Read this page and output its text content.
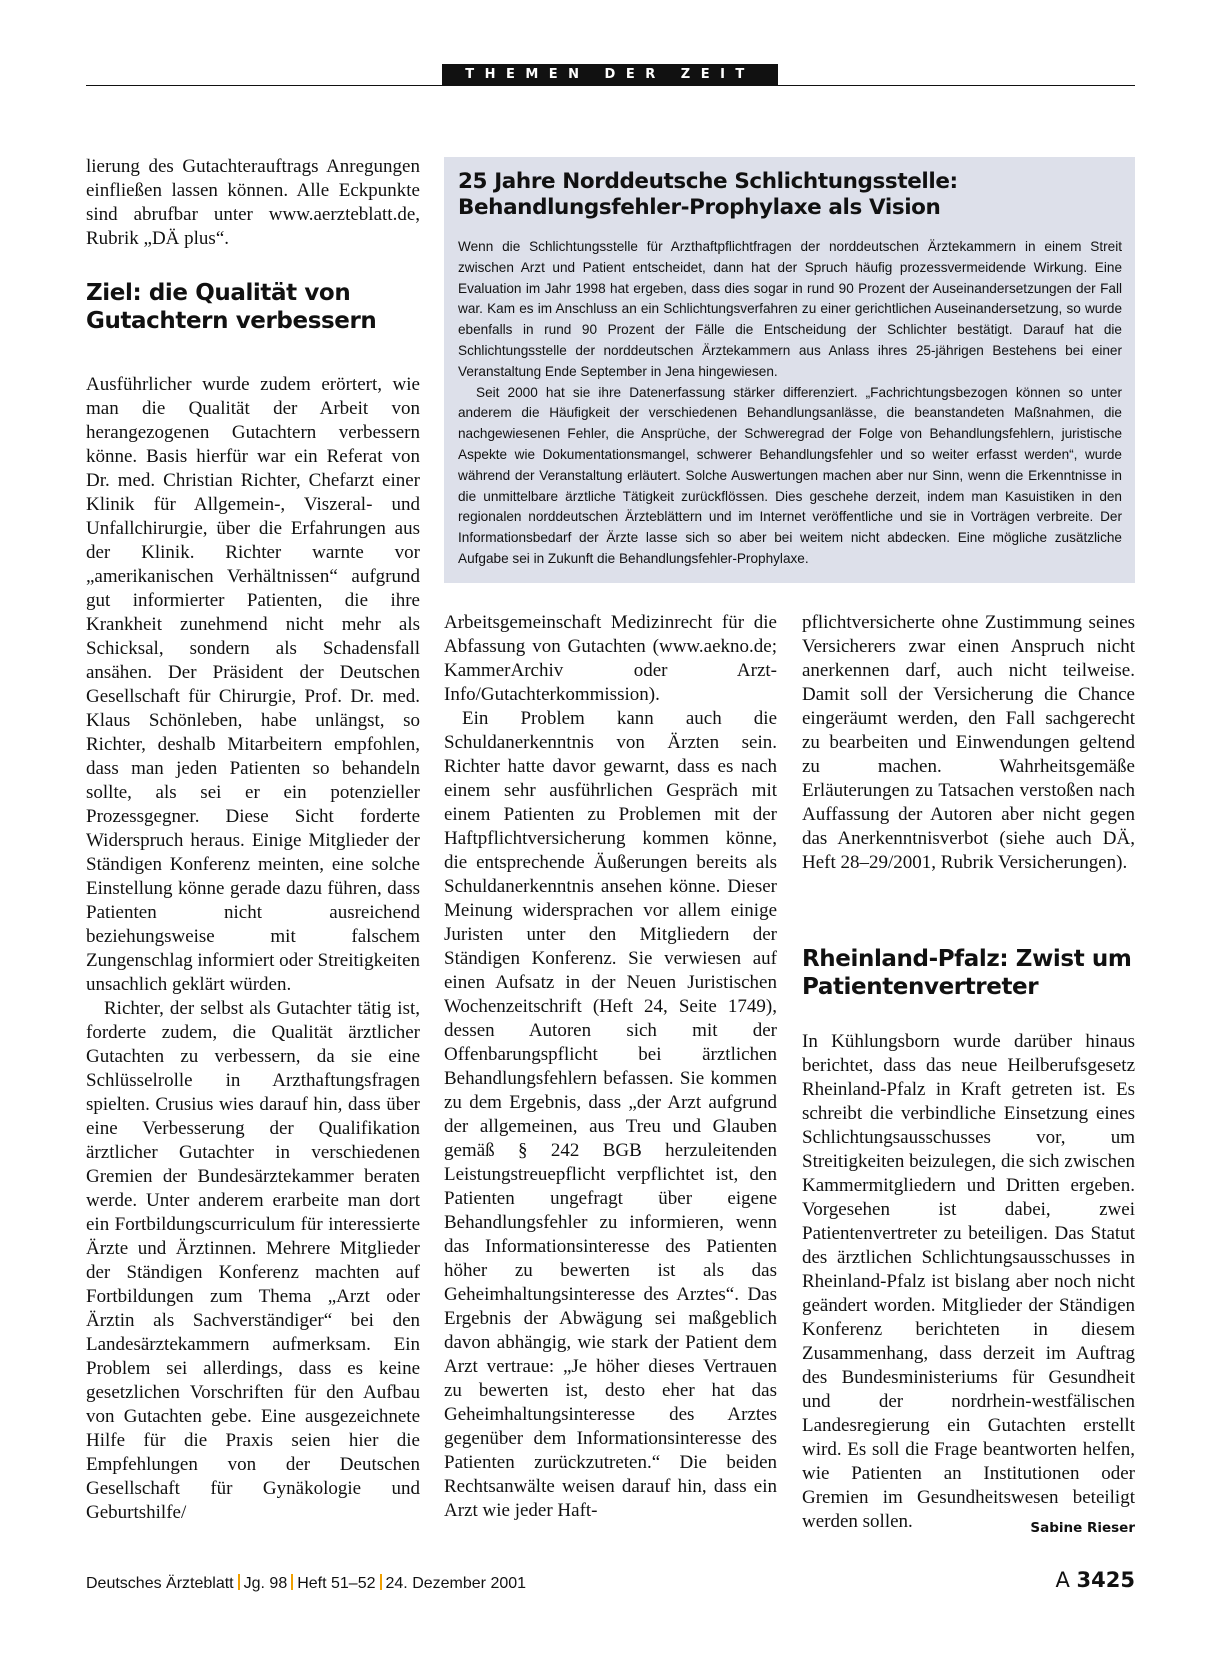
THEMEN DER ZEIT

lierung des Gutachterauftrags Anregungen einfließen lassen können. Alle Eckpunkte sind abrufbar unter www.aerzteblatt.de, Rubrik „DÄ plus“.

Ziel: die Qualität von Gutachtern verbessern

Ausführlicher wurde zudem erörtert, wie man die Qualität der Arbeit von herangezogenen Gutachtern verbessern könne. Basis hierfür war ein Referat von Dr. med. Christian Richter, Chefarzt einer Klinik für Allgemein-, Viszeral- und Unfallchirurgie, über die Erfahrungen aus der Klinik. Richter warnte vor „amerikanischen Verhältnissen“ aufgrund gut informierter Patienten, die ihre Krankheit zunehmend nicht mehr als Schicksal, sondern als Schadensfall ansähen. Der Präsident der Deutschen Gesellschaft für Chirurgie, Prof. Dr. med. Klaus Schönleben, habe unlängst, so Richter, deshalb Mitarbeitern empfohlen, dass man jeden Patienten so behandeln sollte, als sei er ein potenzieller Prozessgegner. Diese Sicht forderte Widerspruch heraus. Einige Mitglieder der Ständigen Konferenz meinten, eine solche Einstellung könne gerade dazu führen, dass Patienten nicht ausreichend beziehungsweise mit falschem Zungenschlag informiert oder Streitigkeiten unsachlich geklärt würden.

Richter, der selbst als Gutachter tätig ist, forderte zudem, die Qualität ärztlicher Gutachten zu verbessern, da sie eine Schlüsselrolle in Arzthaftungsfragen spielten. Crusius wies darauf hin, dass über eine Verbesserung der Qualifikation ärztlicher Gutachter in verschiedenen Gremien der Bundesärztekammer beraten werde. Unter anderem erarbeite man dort ein Fortbildungscurriculum für interessierte Ärzte und Ärztinnen. Mehrere Mitglieder der Ständigen Konferenz machten auf Fortbildungen zum Thema „Arzt oder Ärztin als Sachverständiger“ bei den Landesärztekammern aufmerksam. Ein Problem sei allerdings, dass es keine gesetzlichen Vorschriften für den Aufbau von Gutachten gebe. Eine ausgezeichnete Hilfe für die Praxis seien hier die Empfehlungen von der Deutschen Gesellschaft für Gynäkologie und Geburtshilfe/

25 Jahre Norddeutsche Schlichtungsstelle: Behandlungsfehler-Prophylaxe als Vision

Wenn die Schlichtungsstelle für Arzthaftpflichtfragen der norddeutschen Ärztekammern in einem Streit zwischen Arzt und Patient entscheidet, dann hat der Spruch häufig prozessvermeidende Wirkung. Eine Evaluation im Jahr 1998 hat ergeben, dass dies sogar in rund 90 Prozent der Auseinandersetzungen der Fall war. Kam es im Anschluss an ein Schlichtungsverfahren zu einer gerichtlichen Auseinandersetzung, so wurde ebenfalls in rund 90 Prozent der Fälle die Entscheidung der Schlichter bestätigt. Darauf hat die Schlichtungsstelle der norddeutschen Ärztekammern aus Anlass ihres 25-jährigen Bestehens bei einer Veranstaltung Ende September in Jena hingewiesen.

Seit 2000 hat sie ihre Datenerfassung stärker differenziert. „Fachrichtungsbezogen können so unter anderem die Häufigkeit der verschiedenen Behandlungsanlässe, die beanstandeten Maßnahmen, die nachgewiesenen Fehler, die Ansprüche, der Schweregrad der Folge von Behandlungsfehlern, juristische Aspekte wie Dokumentationsmangel, schwerer Behandlungsfehler und so weiter erfasst werden“, wurde während der Veranstaltung erläutert. Solche Auswertungen machen aber nur Sinn, wenn die Erkenntnisse in die unmittelbare ärztliche Tätigkeit zurückflössen. Dies geschehe derzeit, indem man Kasuistiken in den regionalen norddeutschen Ärzteblättern und im Internet veröffentliche und sie in Vorträgen verbreite. Der Informationsbedarf der Ärzte lasse sich so aber bei weitem nicht abdecken. Eine mögliche zusätzliche Aufgabe sei in Zukunft die Behandlungsfehler-Prophylaxe.

Arbeitsgemeinschaft Medizinrecht für die Abfassung von Gutachten (www.aekno.de; KammerArchiv oder Arzt-Info/Gutachterkommission).

Ein Problem kann auch die Schuldanerkenntnis von Ärzten sein. Richter hatte davor gewarnt, dass es nach einem sehr ausführlichen Gespräch mit einem Patienten zu Problemen mit der Haftpflichtversicherung kommen könne, die entsprechende Äußerungen bereits als Schuldanerkenntnis ansehen könne. Dieser Meinung widersprachen vor allem einige Juristen unter den Mitgliedern der Ständigen Konferenz. Sie verwiesen auf einen Aufsatz in der Neuen Juristischen Wochenzeitschrift (Heft 24, Seite 1749), dessen Autoren sich mit der Offenbarungspflicht bei ärztlichen Behandlungsfehlern befassen. Sie kommen zu dem Ergebnis, dass „der Arzt aufgrund der allgemeinen, aus Treu und Glauben gemäß § 242 BGB herzuleitenden Leistungstreuepflicht verpflichtet ist, den Patienten ungefragt über eigene Behandlungsfehler zu informieren, wenn das Informationsinteresse des Patienten höher zu bewerten ist als das Geheimhaltungsinteresse des Arztes“. Das Ergebnis der Abwägung sei maßgeblich davon abhängig, wie stark der Patient dem Arzt vertraue: „Je höher dieses Vertrauen zu bewerten ist, desto eher hat das Geheimhaltungsinteresse des Arztes gegenüber dem Informationsinteresse des Patienten zurückzutreten.“ Die beiden Rechtsanwälte weisen darauf hin, dass ein Arzt wie jeder Haft-

pflichtversicherte ohne Zustimmung seines Versicherers zwar einen Anspruch nicht anerkennen darf, auch nicht teilweise. Damit soll der Versicherung die Chance eingeräumt werden, den Fall sachgerecht zu bearbeiten und Einwendungen geltend zu machen. Wahrheitsgemäße Erläuterungen zu Tatsachen verstoßen nach Auffassung der Autoren aber nicht gegen das Anerkenntnisverbot (siehe auch DÄ, Heft 28–29/2001, Rubrik Versicherungen).

Rheinland-Pfalz: Zwist um Patientenvertreter

In Kühlungsborn wurde darüber hinaus berichtet, dass das neue Heilberufsgesetz Rheinland-Pfalz in Kraft getreten ist. Es schreibt die verbindliche Einsetzung eines Schlichtungsausschusses vor, um Streitigkeiten beizulegen, die sich zwischen Kammermitgliedern und Dritten ergeben. Vorgesehen ist dabei, zwei Patientenvertreter zu beteiligen. Das Statut des ärztlichen Schlichtungsausschusses in Rheinland-Pfalz ist bislang aber noch nicht geändert worden. Mitglieder der Ständigen Konferenz berichteten in diesem Zusammenhang, dass derzeit im Auftrag des Bundesministeriums für Gesundheit und der nordrhein-westfälischen Landesregierung ein Gutachten erstellt wird. Es soll die Frage beantworten helfen, wie Patienten an Institutionen oder Gremien im Gesundheitswesen beteiligt werden sollen.	Sabine Rieser
Deutsches Ärzteblatt Jg. 98 Heft 51–52 24. Dezember 2001	A 3425
